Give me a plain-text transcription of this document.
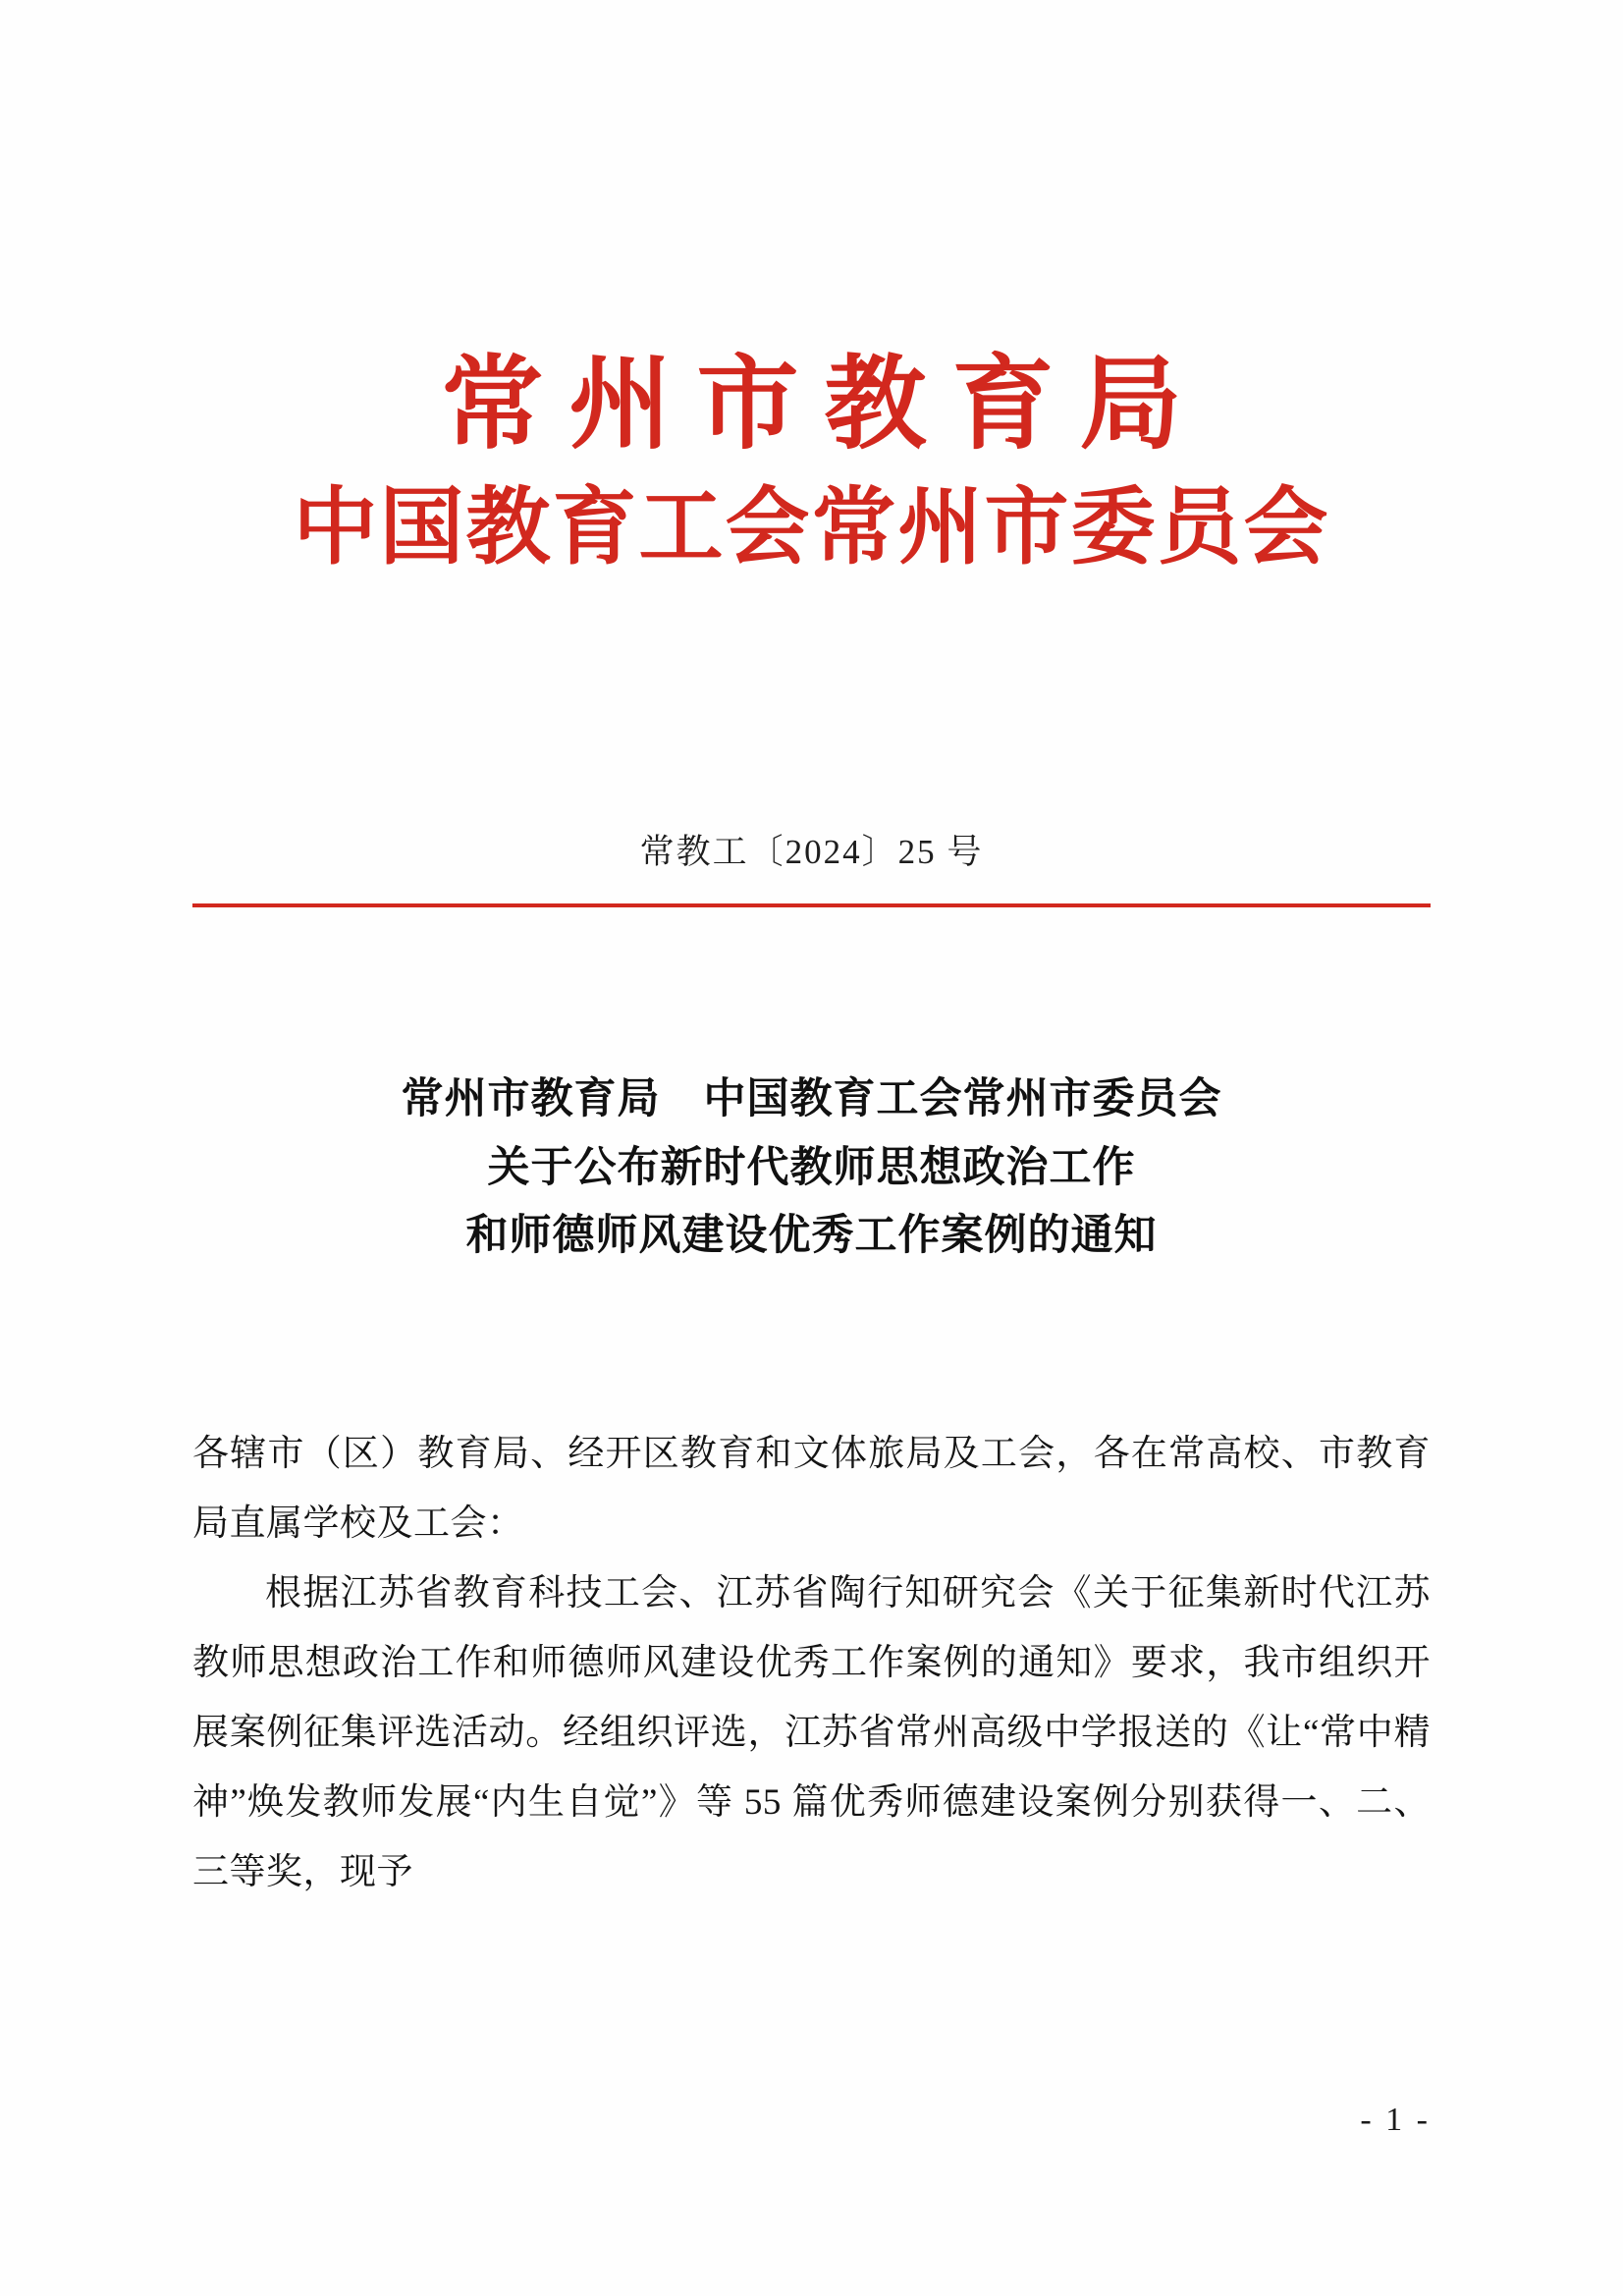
常州市教育局
中国教育工会常州市委员会
常教工〔2024〕25 号
常州市教育局　中国教育工会常州市委员会
关于公布新时代教师思想政治工作
和师德师风建设优秀工作案例的通知

各辖市（区）教育局、经开区教育和文体旅局及工会，各在常高校、市教育局直属学校及工会：

根据江苏省教育科技工会、江苏省陶行知研究会《关于征集新时代江苏教师思想政治工作和师德师风建设优秀工作案例的通知》要求，我市组织开展案例征集评选活动。经组织评选，江苏省常州高级中学报送的《让“常中精神”焕发教师发展“内生自觉”》等 55 篇优秀师德建设案例分别获得一、二、三等奖，现予

- 1 -
